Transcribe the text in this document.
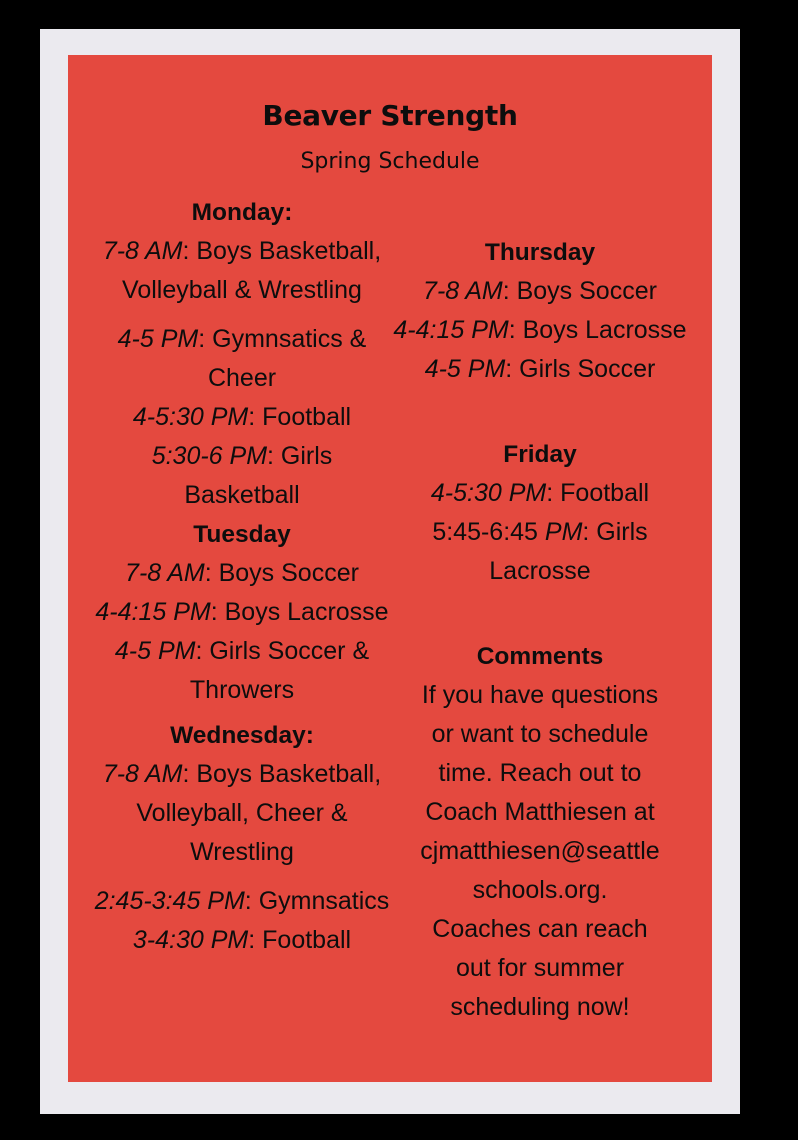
Beaver Strength
Spring Schedule
Monday:
7-8 AM: Boys Basketball,
Volleyball & Wrestling
4-5 PM: Gymnsatics &
Cheer
4-5:30 PM: Football
5:30-6 PM: Girls
Basketball
Tuesday
7-8 AM: Boys Soccer
4-4:15 PM: Boys Lacrosse
4-5 PM: Girls Soccer &
Throwers
Wednesday:
7-8 AM: Boys Basketball,
Volleyball, Cheer &
Wrestling
2:45-3:45 PM: Gymnsatics
3-4:30 PM: Football
Thursday
7-8 AM: Boys Soccer
4-4:15 PM: Boys Lacrosse
4-5 PM: Girls Soccer
Friday
4-5:30 PM: Football
5:45-6:45 PM: Girls
Lacrosse
Comments
If you have questions
or want to schedule
time. Reach out to
Coach Matthiesen at
cjmatthiesen@seattle
schools.org.
Coaches can reach
out for summer
scheduling now!
